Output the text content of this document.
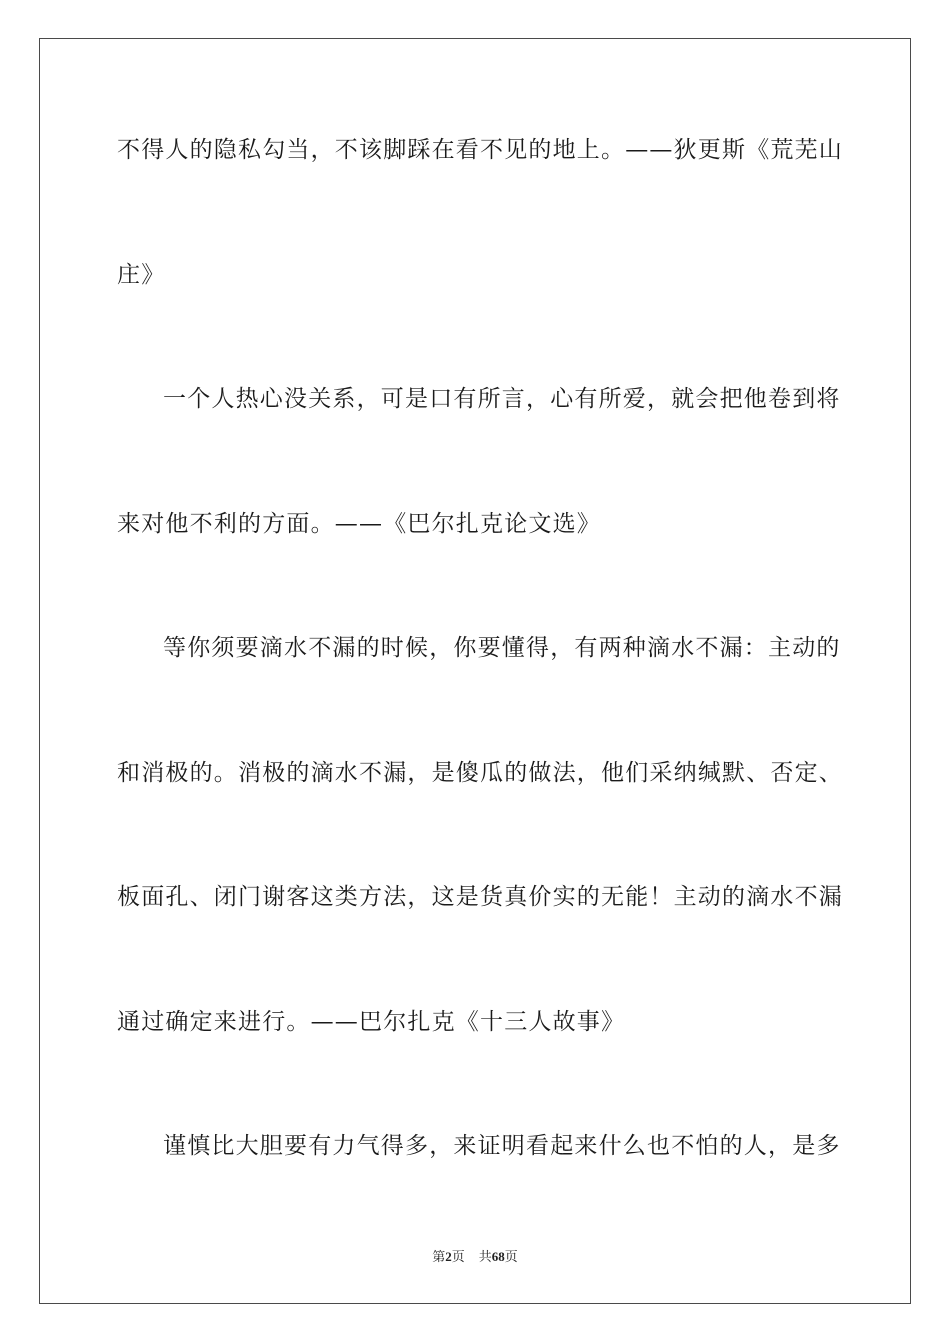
不得人的隐私勾当，不该脚踩在看不见的地上。——狄更斯《荒芜山
庄》
一个人热心没关系，可是口有所言，心有所爱，就会把他卷到将
来对他不利的方面。——《巴尔扎克论文选》
等你须要滴水不漏的时候，你要懂得，有两种滴水不漏：主动的
和消极的。消极的滴水不漏，是傻瓜的做法，他们采纳缄默、否定、
板面孔、闭门谢客这类方法，这是货真价实的无能！主动的滴水不漏
通过确定来进行。——巴尔扎克《十三人故事》
谨慎比大胆要有力气得多，来证明看起来什么也不怕的人，是多
第2页 共68页
